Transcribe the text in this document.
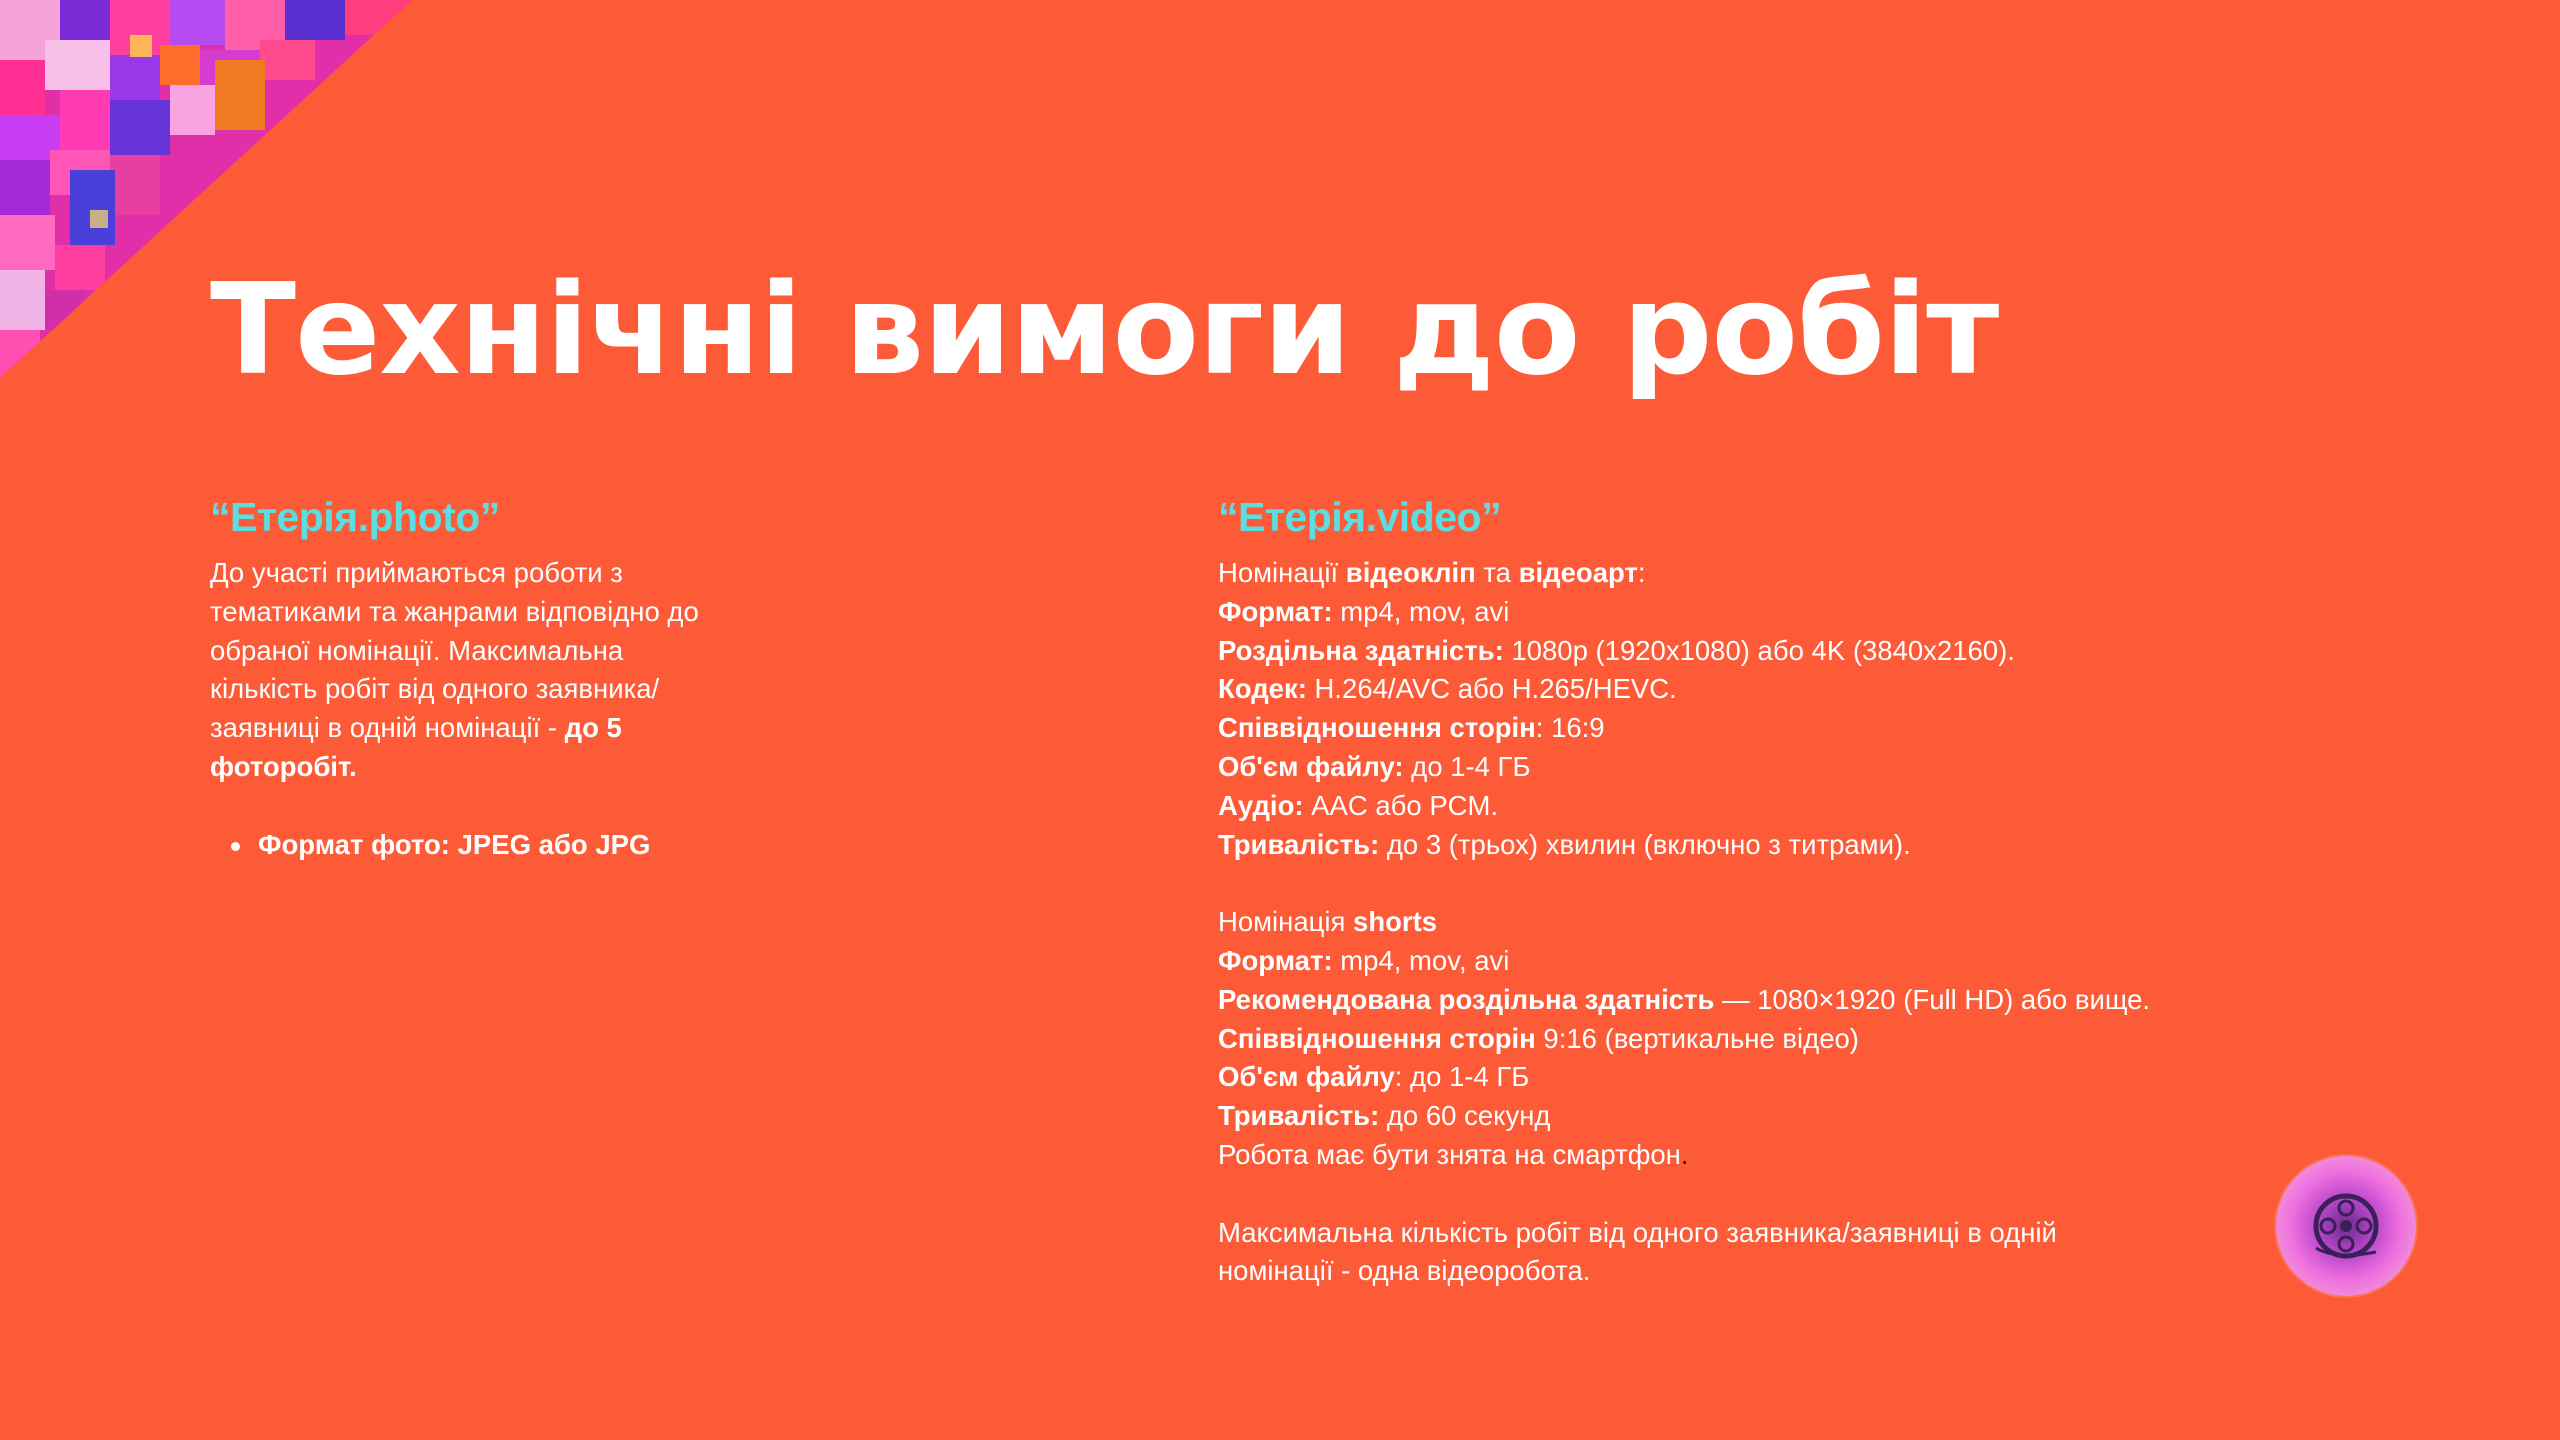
Технічні вимоги до робіт
“Етерія.photo”
До участі приймаються роботи з
тематиками та жанрами відповідно до
обраної номінації. Максимальна
кількість робіт від одного заявника/
заявниці в одній номінації - до 5
фоторобіт.
Формат фото: JPEG або JPG
“Етерія.video”
Номінації відеокліп та відеоарт:
Формат: mp4, mov, avi
Роздільна здатність: 1080p (1920x1080) або 4K (3840x2160).
Кодек: H.264/AVC або H.265/HEVC.
Співвідношення сторін: 16:9
Об'єм файлу: до 1-4 ГБ
Аудіо: AAC або PCM.
Тривалість: до 3 (трьох) хвилин (включно з титрами).
Номінація shorts
Формат: mp4, mov, avi
Рекомендована роздільна здатність — 1080×1920 (Full HD) або вище.
Співвідношення сторін 9:16 (вертикальне відео)
Об'єм файлу: до 1-4 ГБ
Тривалість: до 60 секунд
Робота має бути знята на смартфон.
Максимальна кількість робіт від одного заявника/заявниці в одній
номінації - одна відеоробота.
